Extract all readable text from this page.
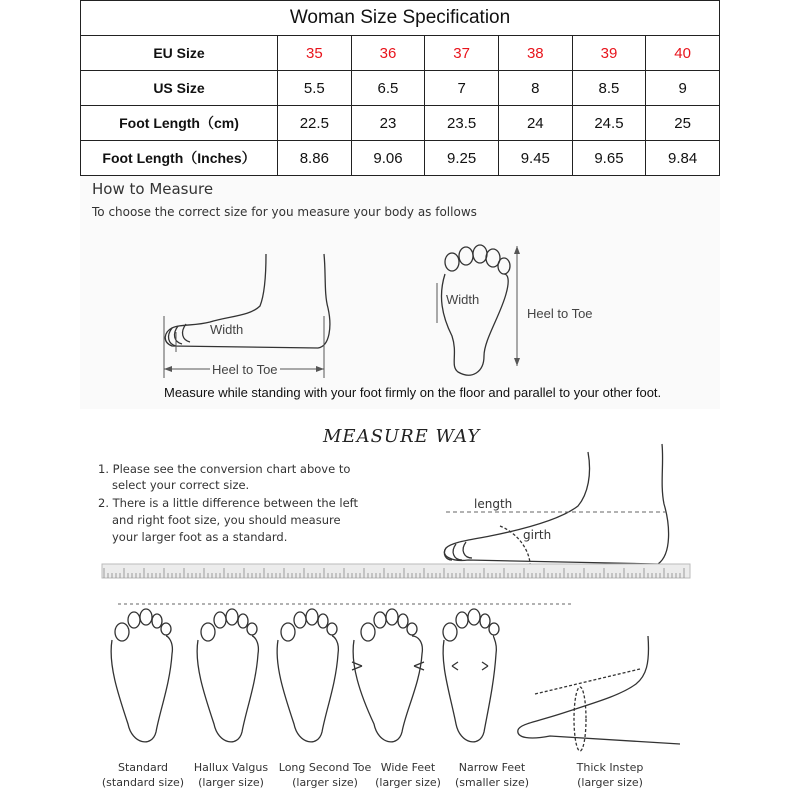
Woman Size Specification						
EU Size	35	36	37	38	39	40
US Size	5.5	6.5	7	8	8.5	9
Foot Length（cm)	22.5	23	23.5	24	24.5	25
Foot Length（Inches）	8.86	9.06	9.25	9.45	9.65	9.84
How to Measure
To choose the correct size for you measure your body as follows
Width
Heel to Toe
Width
Heel to Toe
Measure while standing with your foot firmly on the floor and parallel to your other foot.
MEASURE WAY
1. Please see the conversion chart above to
select your correct size.
2. There is a little difference between the left
and right foot size, you should measure
your larger foot as a standard.
length
girth
Standard
(standard size)
Hallux Valgus
(larger size)
Long Second Toe
(larger size)
Wide Feet
(larger size)
Narrow Feet
(smaller size)
Thick Instep
(larger size)
